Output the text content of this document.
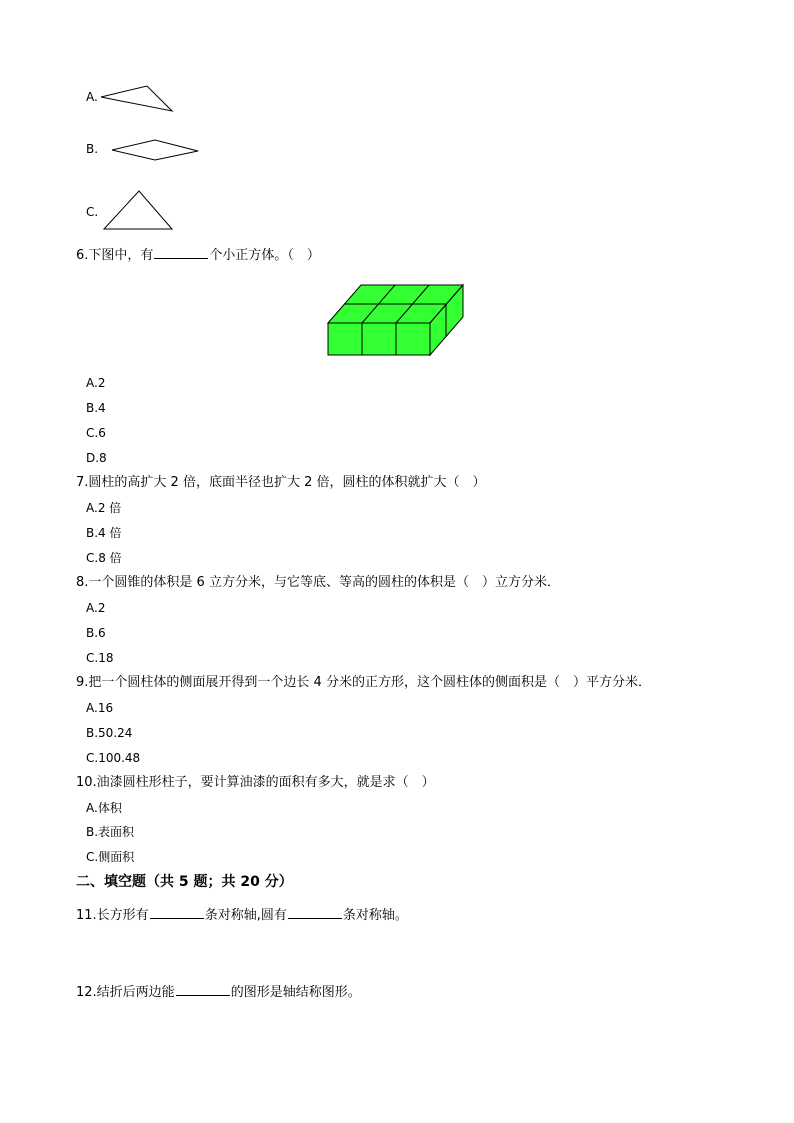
A.
B.
C.
6.下图中，有	个小正方体。（　）
A.2
B.4
C.6
D.8
7.圆柱的高扩大 2 倍，底面半径也扩大 2 倍，圆柱的体积就扩大（　）
A.2 倍
B.4 倍
C.8 倍
8.一个圆锥的体积是 6 立方分米，与它等底、等高的圆柱的体积是（　）立方分米．
A.2
B.6
C.18
9.把一个圆柱体的侧面展开得到一个边长 4 分米的正方形，这个圆柱体的侧面积是（　）平方分米．
A.16
B.50.24
C.100.48
10.油漆圆柱形柱子，要计算油漆的面积有多大，就是求（　）
A.体积
B.表面积
C.侧面积
二、填空题（共 5 题；共 20 分）
11.长方形有	条对称轴,圆有	条对称轴。
12.结折后两边能	的图形是轴结称图形。
